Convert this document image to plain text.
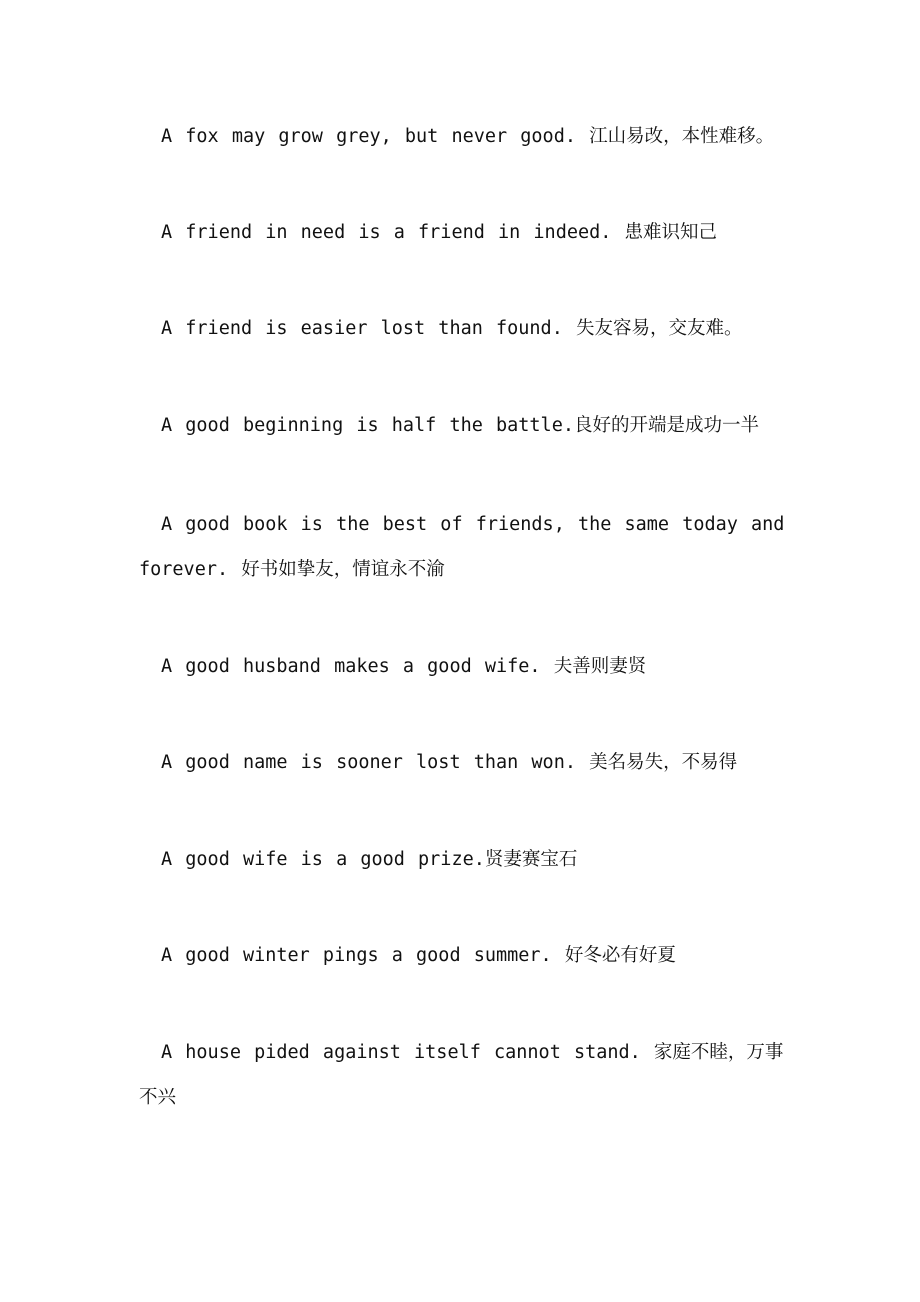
A fox may grow grey, but never good. 江山易改，本性难移。

A friend in need is a friend in indeed. 患难识知己

A friend is easier lost than found. 失友容易，交友难。

A good beginning is half the battle.良好的开端是成功一半

A good book is the best of friends, the same today and forever. 好书如挚友，情谊永不渝

A good husband makes a good wife. 夫善则妻贤

A good name is sooner lost than won. 美名易失，不易得

A good wife is a good prize.贤妻赛宝石

A good winter pings a good summer. 好冬必有好夏

A house pided against itself cannot stand. 家庭不睦，万事不兴
